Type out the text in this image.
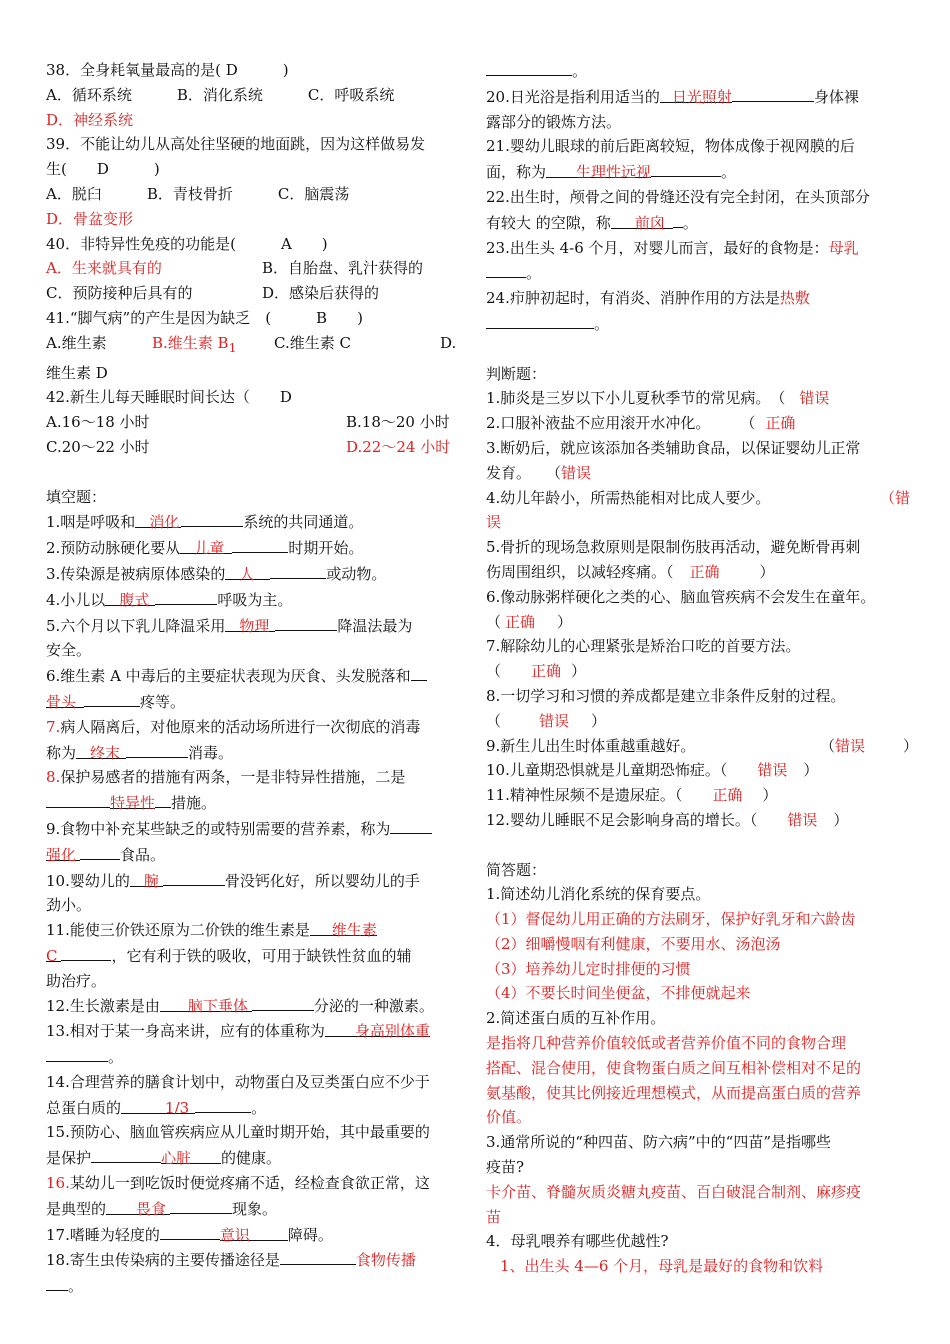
38．全身耗氧量最高的是( D　　　)
A．循环系统　　　B．消化系统　　　C．呼吸系统
D．神经系统
39．不能让幼儿从高处往坚硬的地面跳，因为这样做易发
生(　　D　　　)
A．脱臼　　　B．青枝骨折　　　C．脑震荡
D．骨盆变形
40．非特异性免疫的功能是(　　　A　　)
A．生来就具有的	B．自胎盘、乳汁获得的
C．预防接种后具有的	D．感染后获得的
41.“脚气病”的产生是因为缺乏　(　　　B　　)
A.维生素	B.维生素 $B_1$ C.维生素 C	D.
维生素 D
42.新生儿每天睡眠时间长达（　　D
A.16～18 小时	B.18～20 小时
C.20～22 小时	D.22～24 小时
填空题：
1.咽是呼吸和 消化	系统的共同通道。
2.预防动脉硬化要从 儿童	时期开始。
3.传染源是被病原体感染的 人	或动物。
4.小儿以 腹式	呼吸为主。
5.六个月以下乳儿降温采用 物理	降温法最为
安全。
6.维生素 A 中毒后的主要症状表现为厌食、头发脱落和
骨头	疼等。
7.病人隔离后，对他原来的活动场所进行一次彻底的消毒
称为 终末	消毒。
8.保护易感者的措施有两条，一是非特异性措施，二是
特异性 措施。
9.食物中补充某些缺乏的或特别需要的营养素，称为
强化	食品。
10.婴幼儿的 腕	骨没钙化好，所以婴幼儿的手
劲小。
11.能使三价铁还原为二价铁的维生素是 维生素
C	，它有利于铁的吸收，可用于缺铁性贫血的辅
助治疗。
12.生长激素是由 脑下垂体	分泌的一种激素。
13.相对于某一身高来讲，应有的体重称为 身高别体重
。
14.合理营养的膳食计划中，动物蛋白及豆类蛋白应不少于
总蛋白质的	1/3	。
15.预防心、脑血管疾病应从儿童时期开始，其中最重要的
是保护	心脏 的健康。
16.某幼儿一到吃饭时便觉疼痛不适，经检查食欲正常，这
是典型的 畏食	现象。
17.嗜睡为轻度的	意识	障碍。
18.寄生虫传染病的主要传播途径是	食物传播
。
。
20.日光浴是指利用适当的 日光照射	身体裸
露部分的锻炼方法。
21.婴幼儿眼球的前后距离较短，物体成像于视网膜的后
面，称为 生理性远视	。
22.出生时，颅骨之间的骨缝还没有完全封闭，在头顶部分
有较大 的空隙，称 前囟 。
23.出生头 4-6 个月，对婴儿而言，最好的食物是：母乳
。
24.疖肿初起时，有消炎、消肿作用的方法是热敷
。
判断题：
1.肺炎是三岁以下小儿夏秋季节的常见病。　（ 错误
2.口服补液盐不应用滚开水冲化。　　　（ 正确
3.断奶后，就应该添加各类辅助食品，以保证婴幼儿正常
发育。　　（错误
4.幼儿年龄小，所需热能相对比成人要少。	（错
误
5.骨折的现场急救原则是限制伤肢再活动，避免断骨再刺
伤周围组织，以减轻疼痛。（ 正确	）
6.像动脉粥样硬化之类的心、脑血管疾病不会发生在童年。
（ 正确 ）
7.解除幼儿的心理紧张是矫治口吃的首要方法。
（ 正确 ）
8.一切学习和习惯的养成都是建立非条件反射的过程。
（	错误 ）
9.新生儿出生时体重越重越好。	（错误	）
10.儿童期恐惧就是儿童期恐怖症。（ 错误 ）
11.精神性尿频不是遗尿症。（ 正确 ）
12.婴幼儿睡眠不足会影响身高的增长。（ 错误 ）
简答题：
1.简述幼儿消化系统的保育要点。
（1）督促幼儿用正确的方法刷牙，保护好乳牙和六龄齿
（2）细嚼慢咽有利健康，不要用水、汤泡汤
（3）培养幼儿定时排便的习惯
（4）不要长时间坐便盆，不排便就起来
2.简述蛋白质的互补作用。
是指将几种营养价值较低或者营养价值不同的食物合理
搭配、混合使用，使食物蛋白质之间互相补偿相对不足的
氨基酸，使其比例接近理想模式，从而提高蛋白质的营养
价值。
3.通常所说的“种四苗、防六病”中的“四苗”是指哪些
疫苗?
卡介苗、脊髓灰质炎糖丸疫苗、百白破混合制剂、麻疹疫
苗
4．母乳喂养有哪些优越性?
1、出生头 4—6 个月，母乳是最好的食物和饮料
